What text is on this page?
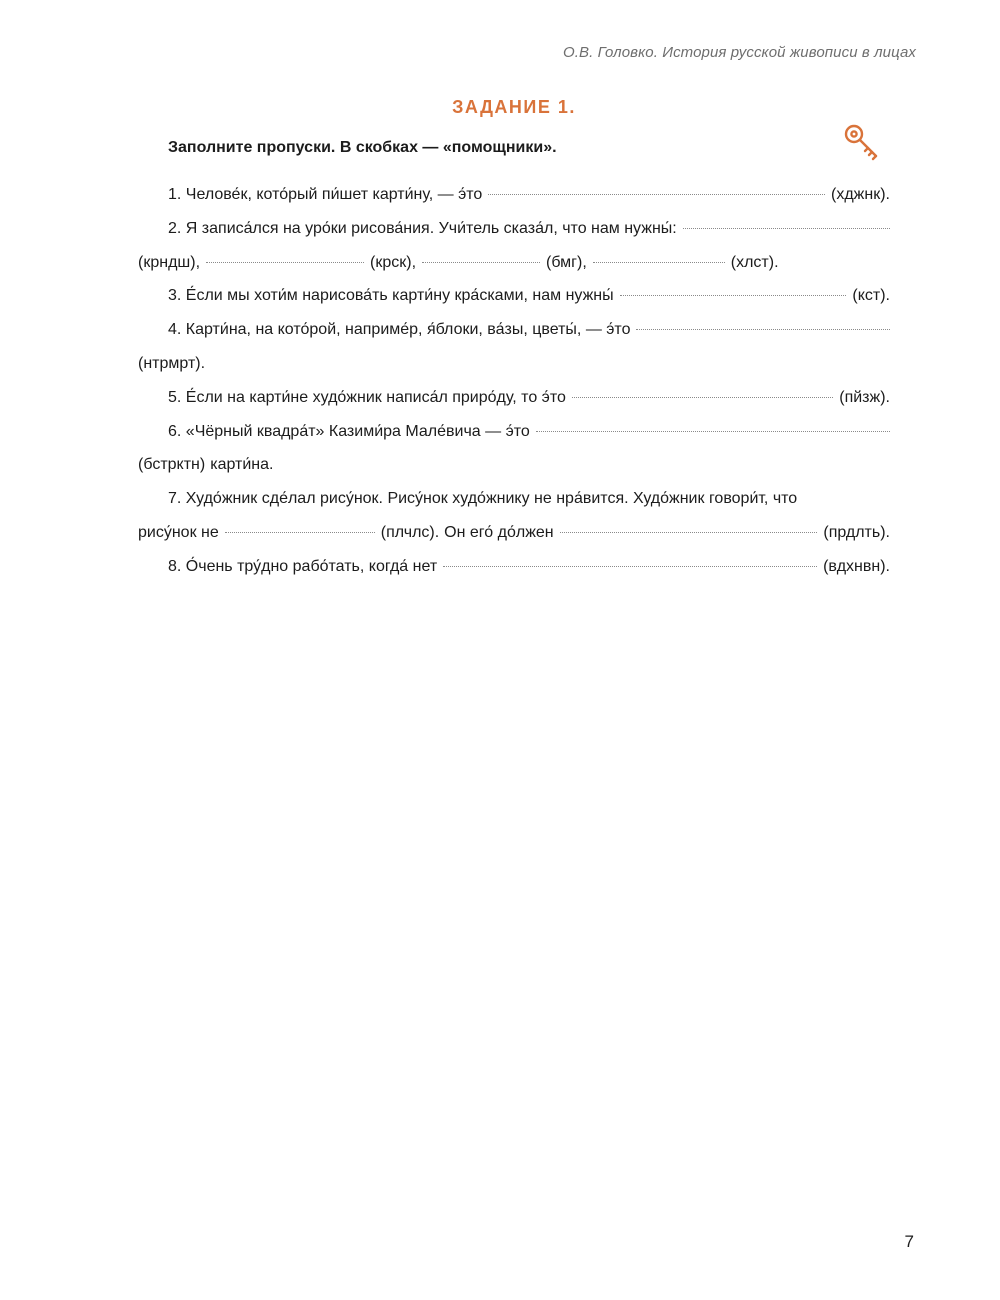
О.В. Головко. История русской живописи в лицах
ЗАДАНИЕ 1.
Заполните пропуски. В скобках — «помощники».
1. Челове́к, кото́рый пи́шет карти́ну, — э́то	(хджнк).
2. Я записа́лся на уро́ки рисова́ния. Учи́тель сказа́л, что нам нужны́:
(крндш),	(крск),	(бмг),	(хлст).
3. Е́сли мы хоти́м нарисова́ть карти́ну кра́сками, нам нужны́	(кст).
4. Карти́на, на кото́рой, наприме́р, я́блоки, ва́зы, цветы́, — э́то
(нтрмрт).
5. Е́сли на карти́не худо́жник написа́л приро́ду, то э́то	(пйзж).
6. «Чёрный квадра́т» Казими́ра Мале́вича — э́то
(бстрктн) карти́на.
7. Худо́жник сде́лал рису́нок. Рису́нок худо́жнику не нра́вится. Худо́жник говори́т, что
рису́нок не	(плчлс). Он его́ до́лжен	(прдлть).
8. О́чень тру́дно рабо́тать, когда́ нет	(вдхнвн).
7
